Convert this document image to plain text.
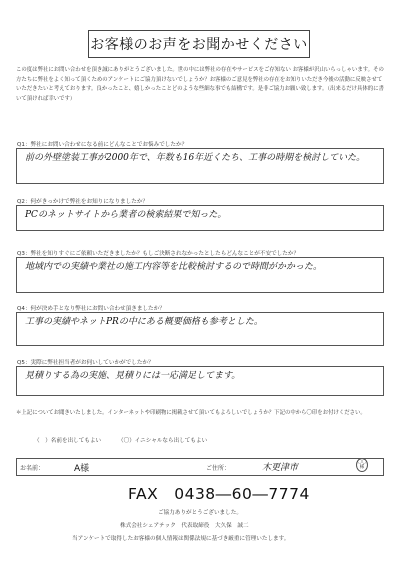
お客様のお声をお聞かせください
この度は弊社にお問い合わせを頂き誠にありがとうございました。世の中には弊社の存在やサービスをご存知ない お客様が沢山いらっしゃいます。その方たちに弊社をよく知って頂くためのアンケートにご協力頂けないでしょうか？お客様のご意見を弊社の存在をお知りいただき今後の活動に反映させていただきたいと考えております。良かったこと、嬉しかったことどのような些細な事でも結構です。是非ご協力お願い致します。（出来るだけ具体的に書いて頂ければ幸いです）
Q1：弊社にお問い合わせになる前にどんなことでお悩みでしたか？
前の外壁塗装工事が2000年で、年数も16年近くたち、工事の時期を検討していた。
Q2：何がきっかけで弊社をお知りになりましたか？
PCのネットサイトから業者の検索結果で知った。
Q3：弊社を知りすぐにご依頼いただきましたか？もしご決断されなかったとしたらどんなことが不安でしたか？
地域内での実績や業社の施工内容等を比較検討するので時間がかかった。
Q4：何が決め手となり弊社にお問い合わせ頂きましたか？
工事の実績やネットPRの中にある概要価格も参考とした。
Q5：実際に弊社担当者がお伺いしていかがでしたか？
見積りする為の実施、見積りには一応満足してます。
＊上記についてお聞きいたしました。インターネットや印刷物に掲載させて頂いてもよろしいでしょうか？下記の中から〇印をお付けください。
（　）名前を出してもよい	（〇）イニシャルなら出してもよい
お名前：	A様	ご住所：	木更津市
〇〇様
FAX　0438―60―7774
ご協力ありがとうございました。
株式会社シェアテック　代表取締役　大久保　誠二
当アンケートで取得したお客様の個人情報は関係法規に基づき厳重に管理いたします。
